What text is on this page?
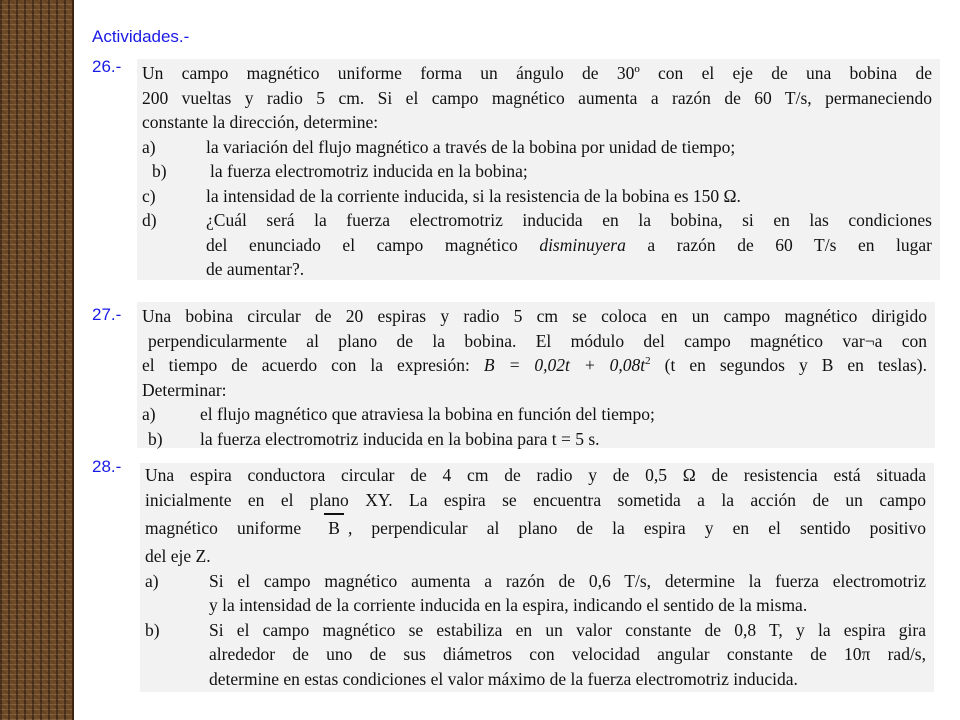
Actividades.-
26.- Un campo magnético uniforme forma un ángulo de 30º con el eje de una bobina de
200 vueltas y radio 5 cm. Si el campo magnético aumenta a razón de 60 T/s, permaneciendo
constante la dirección, determine:
a)	la variación del flujo magnético a través de la bobina por unidad de tiempo;
b)	la fuerza electromotriz inducida en la bobina;
c)	la intensidad de la corriente inducida, si la resistencia de la bobina es 150 Ω.
d)	¿Cuál será la fuerza electromotriz inducida en la bobina, si en las condiciones
del enunciado el campo magnético disminuyera a razón de 60 T/s en lugar
de aumentar?.
27.- Una bobina circular de 20 espiras y radio 5 cm se coloca en un campo magnético dirigido
perpendicularmente al plano de la bobina. El módulo del campo magnético var¬a con
el tiempo de acuerdo con la expresión: $B = 0,02t + 0,08t^2$ (t en segundos y B en teslas).
Determinar:
a)	el flujo magnético que atraviesa la bobina en función del tiempo;
b)	la fuerza electromotriz inducida en la bobina para t = 5 s.
28.- Una espira conductora circular de 4 cm de radio y de 0,5 Ω de resistencia está situada
inicialmente en el plano XY. La espira se encuentra sometida a la acción de un campo
magnético uniforme B , perpendicular al plano de la espira y en el sentido positivo
del eje Z.
a)	Si el campo magnético aumenta a razón de 0,6 T/s, determine la fuerza electromotriz
y la intensidad de la corriente inducida en la espira, indicando el sentido de la misma.
b)	Si el campo magnético se estabiliza en un valor constante de 0,8 T, y la espira gira
alrededor de uno de sus diámetros con velocidad angular constante de 10π rad/s,
determine en estas condiciones el valor máximo de la fuerza electromotriz inducida.
